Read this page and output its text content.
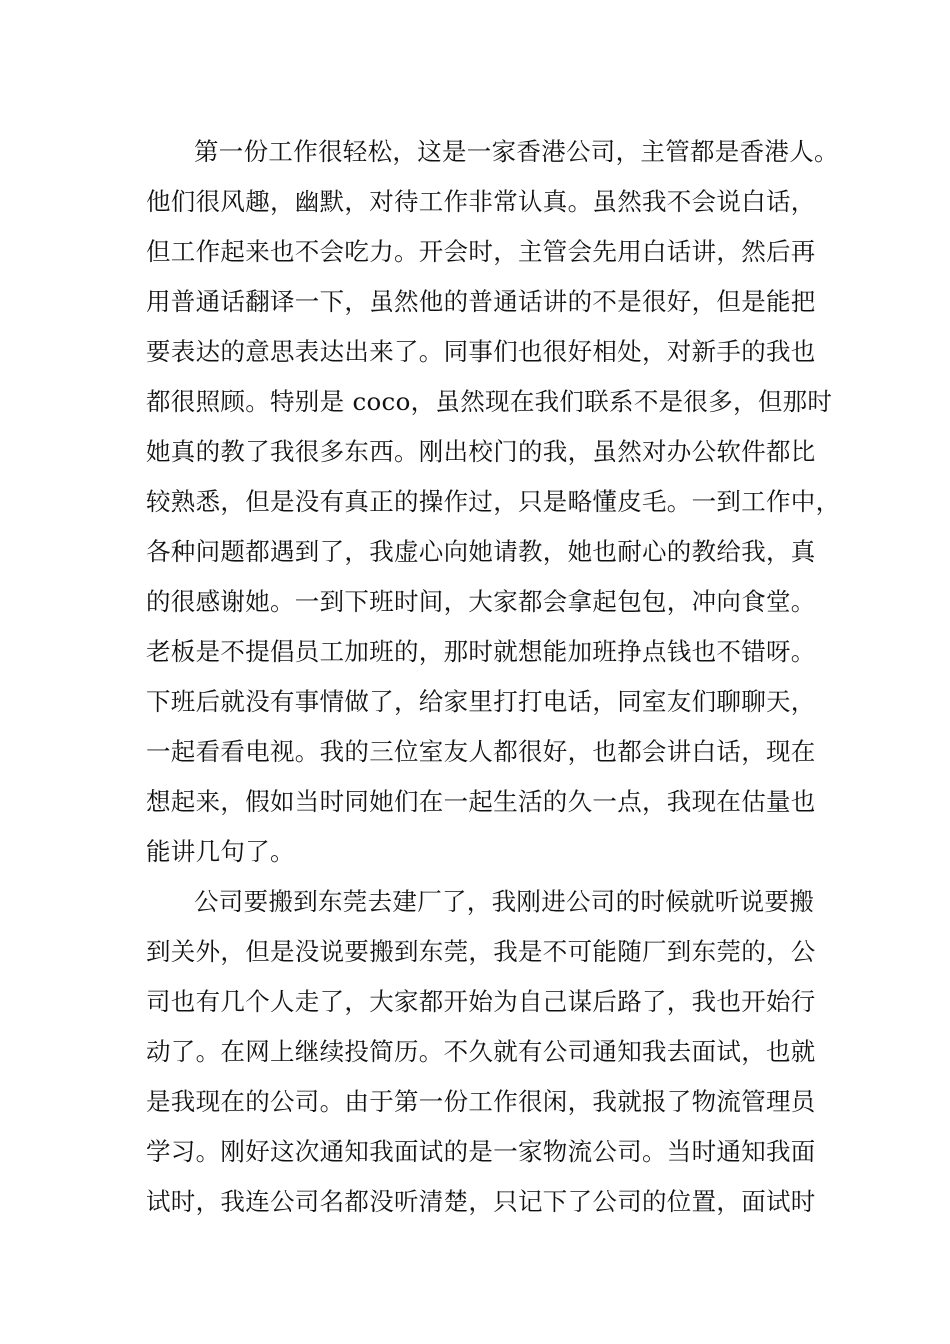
第一份工作很轻松，这是一家香港公司，主管都是香港人。
他们很风趣，幽默，对待工作非常认真。虽然我不会说白话，
但工作起来也不会吃力。开会时，主管会先用白话讲，然后再
用普通话翻译一下，虽然他的普通话讲的不是很好，但是能把
要表达的意思表达出来了。同事们也很好相处，对新手的我也
都很照顾。特别是 coco，虽然现在我们联系不是很多，但那时
她真的教了我很多东西。刚出校门的我，虽然对办公软件都比
较熟悉，但是没有真正的操作过，只是略懂皮毛。一到工作中，
各种问题都遇到了，我虚心向她请教，她也耐心的教给我，真
的很感谢她。一到下班时间，大家都会拿起包包，冲向食堂。
老板是不提倡员工加班的，那时就想能加班挣点钱也不错呀。
下班后就没有事情做了，给家里打打电话，同室友们聊聊天，
一起看看电视。我的三位室友人都很好，也都会讲白话，现在
想起来，假如当时同她们在一起生活的久一点，我现在估量也
能讲几句了。
公司要搬到东莞去建厂了，我刚进公司的时候就听说要搬
到关外，但是没说要搬到东莞，我是不可能随厂到东莞的，公
司也有几个人走了，大家都开始为自己谋后路了，我也开始行
动了。在网上继续投简历。不久就有公司通知我去面试，也就
是我现在的公司。由于第一份工作很闲，我就报了物流管理员
学习。刚好这次通知我面试的是一家物流公司。当时通知我面
试时，我连公司名都没听清楚，只记下了公司的位置，面试时
